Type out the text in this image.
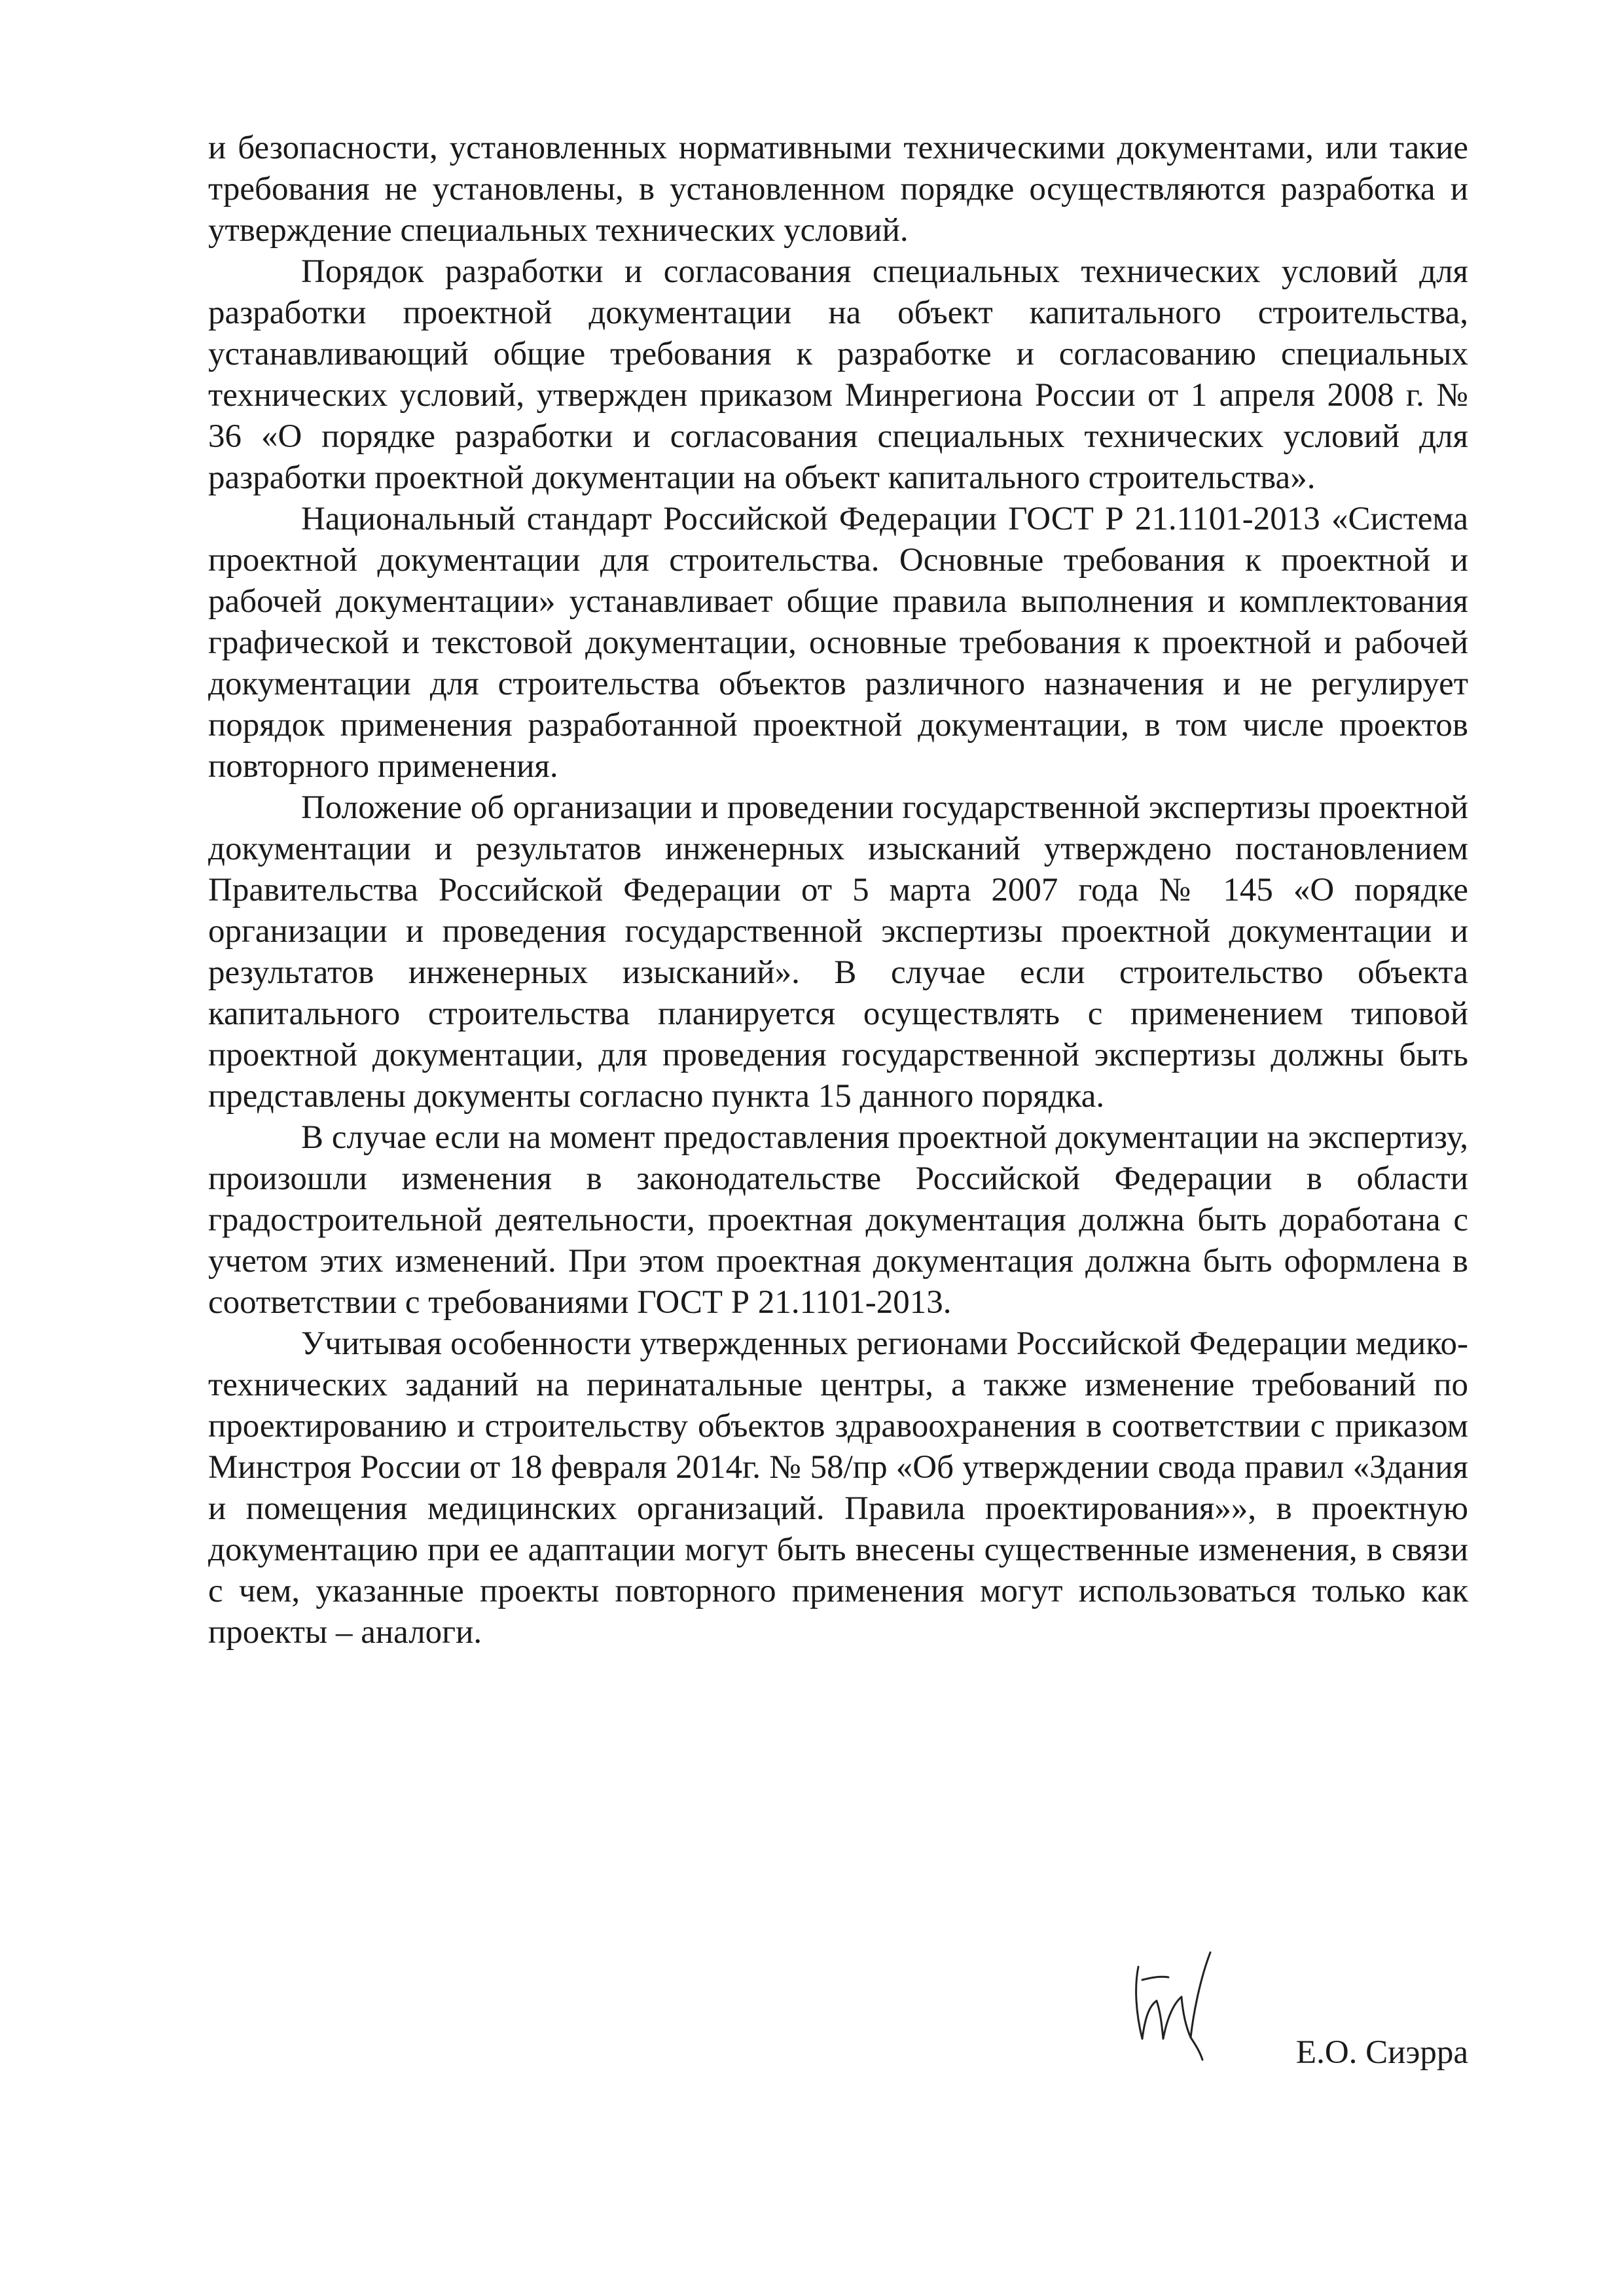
и безопасности, установленных нормативными техническими документами, или такие требования не установлены, в установленном порядке осуществляются разработка и утверждение специальных технических условий.

Порядок разработки и согласования специальных технических условий для разработки проектной документации на объект капитального строительства, устанавливающий общие требования к разработке и согласованию специальных технических условий, утвержден приказом Минрегиона России от 1 апреля 2008 г. № 36 «О порядке разработки и согласования специальных технических условий для разработки проектной документации на объект капитального строительства».

Национальный стандарт Российской Федерации ГОСТ Р 21.1101-2013 «Система проектной документации для строительства. Основные требования к проектной и рабочей документации» устанавливает общие правила выполнения и комплектования графической и текстовой документации, основные требования к проектной и рабочей документации для строительства объектов различного назначения и не регулирует порядок применения разработанной проектной документации, в том числе проектов повторного применения.

Положение об организации и проведении государственной экспертизы проектной документации и результатов инженерных изысканий утверждено постановлением Правительства Российской Федерации от 5 марта 2007 года № 145 «О порядке организации и проведения государственной экспертизы проектной документации и результатов инженерных изысканий». В случае если строительство объекта капитального строительства планируется осуществлять с применением типовой проектной документации, для проведения государственной экспертизы должны быть представлены документы согласно пункта 15 данного порядка.

В случае если на момент предоставления проектной документации на экспертизу, произошли изменения в законодательстве Российской Федерации в области градостроительной деятельности, проектная документация должна быть доработана с учетом этих изменений. При этом проектная документация должна быть оформлена в соответствии с требованиями ГОСТ Р 21.1101-2013.

Учитывая особенности утвержденных регионами Российской Федерации медико-технических заданий на перинатальные центры, а также изменение требований по проектированию и строительству объектов здравоохранения в соответствии с приказом Минстроя России от 18 февраля 2014г. № 58/пр «Об утверждении свода правил «Здания и помещения медицинских организаций. Правила проектирования»», в проектную документацию при ее адаптации могут быть внесены существенные изменения, в связи с чем, указанные проекты повторного применения могут использоваться только как проекты – аналоги.

Е.О. Сиэрра
